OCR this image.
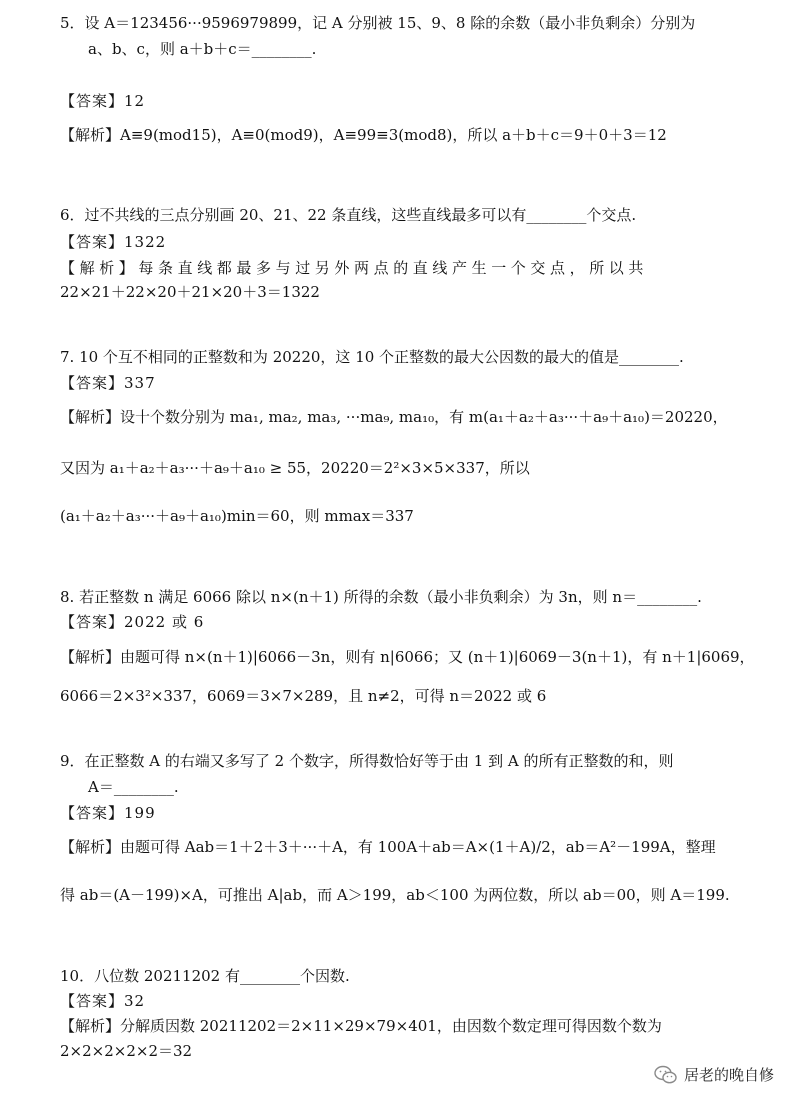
5．设 A＝123456···9596979899，记 A 分别被 15、9、8 除的余数（最小非负剩余）分别为
a、b、c，则 a＋b＋c＝________.
【答案】12
【解析】A≡9(mod15)，A≡0(mod9)，A≡99≡3(mod8)，所以 a＋b＋c＝9＋0＋3＝12
6．过不共线的三点分别画 20、21、22 条直线，这些直线最多可以有________个交点.
【答案】1322
【解析】每条直线都最多与过另外两点的直线产生一个交点，所以共
22×21＋22×20＋21×20＋3＝1322
7. 10 个互不相同的正整数和为 20220，这 10 个正整数的最大公因数的最大的值是________.
【答案】337
【解析】设十个数分别为 ma₁, ma₂, ma₃, ···ma₉, ma₁₀，有 m(a₁＋a₂＋a₃···＋a₉＋a₁₀)＝20220，
又因为 a₁＋a₂＋a₃···＋a₉＋a₁₀ ≥ 55，20220＝2²×3×5×337，所以
(a₁＋a₂＋a₃···＋a₉＋a₁₀)min＝60，则 mmax＝337
8. 若正整数 n 满足 6066 除以 n×(n＋1) 所得的余数（最小非负剩余）为 3n，则 n＝________.
【答案】2022 或 6
【解析】由题可得 n×(n＋1)|6066－3n，则有 n|6066；又 (n＋1)|6069－3(n＋1)，有 n＋1|6069，
6066＝2×3²×337，6069＝3×7×289，且 n≠2，可得 n＝2022 或 6
9．在正整数 A 的右端又多写了 2 个数字，所得数恰好等于由 1 到 A 的所有正整数的和，则
A＝________.
【答案】199
【解析】由题可得 Aab＝1＋2＋3＋···＋A，有 100A＋ab＝A×(1＋A)/2，ab＝A²－199A，整理
得 ab＝(A－199)×A，可推出 A|ab，而 A＞199，ab＜100 为两位数，所以 ab＝00，则 A＝199.
10．八位数 20211202 有________个因数.
【答案】32
【解析】分解质因数 20211202＝2×11×29×79×401，由因数个数定理可得因数个数为
2×2×2×2×2＝32
居老的晚自修
